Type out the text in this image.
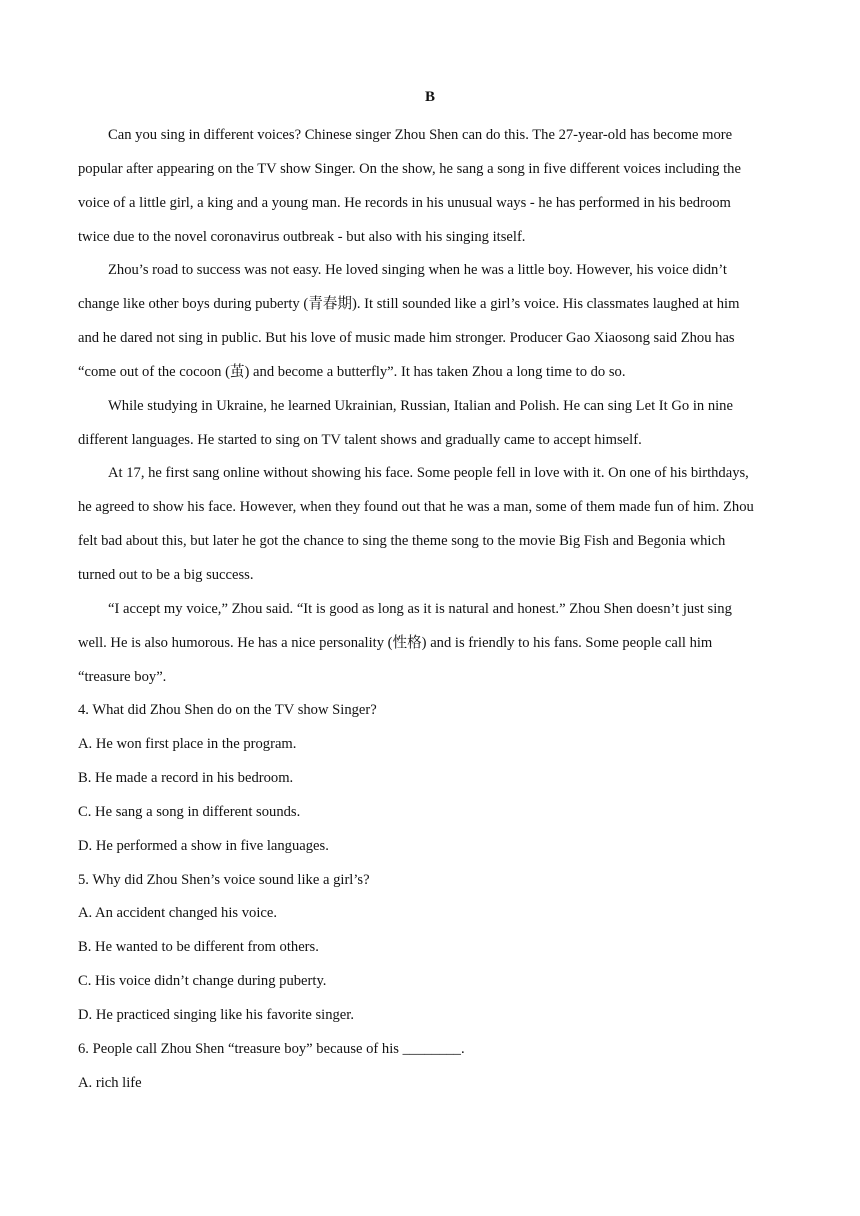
B
Can you sing in different voices? Chinese singer Zhou Shen can do this. The 27-year-old has become more
popular after appearing on the TV show Singer. On the show, he sang a song in five different voices including the
voice of a little girl, a king and a young man. He records in his unusual ways - he has performed in his bedroom
twice due to the novel coronavirus outbreak - but also with his singing itself.
Zhou’s road to success was not easy. He loved singing when he was a little boy. However, his voice didn’t
change like other boys during puberty (青春期). It still sounded like a girl’s voice. His classmates laughed at him
and he dared not sing in public. But his love of music made him stronger. Producer Gao Xiaosong said Zhou has
“come out of the cocoon (茧) and become a butterfly”. It has taken Zhou a long time to do so.
While studying in Ukraine, he learned Ukrainian, Russian, Italian and Polish. He can sing Let It Go in nine
different languages. He started to sing on TV talent shows and gradually came to accept himself.
At 17, he first sang online without showing his face. Some people fell in love with it. On one of his birthdays,
he agreed to show his face. However, when they found out that he was a man, some of them made fun of him. Zhou
felt bad about this, but later he got the chance to sing the theme song to the movie Big Fish and Begonia which
turned out to be a big success.
“I accept my voice,” Zhou said. “It is good as long as it is natural and honest.” Zhou Shen doesn’t just sing
well. He is also humorous. He has a nice personality (性格) and is friendly to his fans. Some people call him
“treasure boy”.
4. What did Zhou Shen do on the TV show Singer?
A. He won first place in the program.
B. He made a record in his bedroom.
C. He sang a song in different sounds.
D. He performed a show in five languages.
5. Why did Zhou Shen’s voice sound like a girl’s?
A. An accident changed his voice.
B. He wanted to be different from others.
C. His voice didn’t change during puberty.
D. He practiced singing like his favorite singer.
6. People call Zhou Shen “treasure boy” because of his ________.
A. rich life
